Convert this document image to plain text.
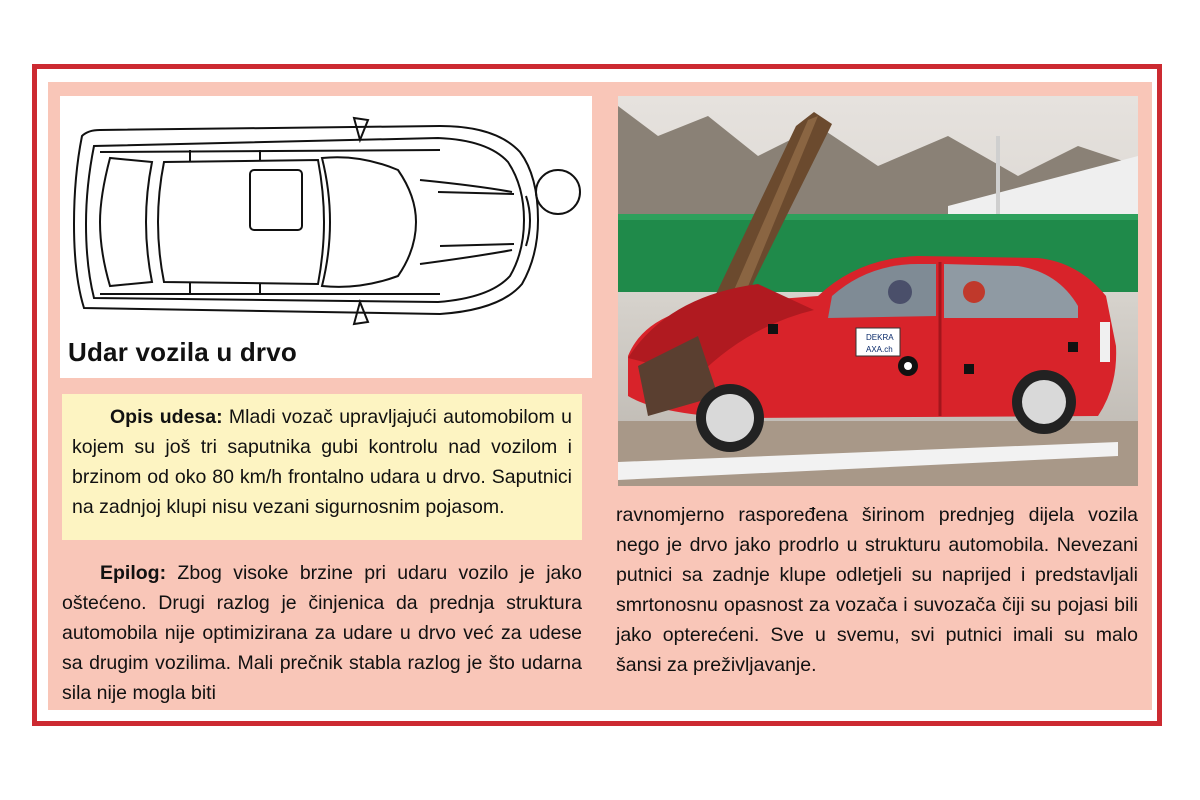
Udar vozila u drvo

Opis udesa: Mladi vozač upravljajući automobilom u kojem su još tri saputnika gubi kontrolu nad vozilom i brzinom od oko 80 km/h frontalno udara u drvo. Saputnici na zadnjoj klupi nisu vezani sigurnosnim pojasom.

Epilog: Zbog visoke brzine pri udaru vozilo je jako oštećeno. Drugi razlog je činjenica da prednja struktura automobila nije optimizirana za udare u drvo već za udese sa drugim vozilima. Mali prečnik stabla razlog je što udarna sila nije mogla biti

DEKRA
AXA.ch

ravnomjerno raspoređena širinom prednjeg dijela vozila nego je drvo jako prodrlo u strukturu automobila. Nevezani putnici sa zadnje klupe odletjeli su naprijed i predstavljali smrtonosnu opasnost za vozača i suvozača čiji su pojasi bili jako opterećeni. Sve u svemu, svi putnici imali su malo šansi za preživljavanje.
